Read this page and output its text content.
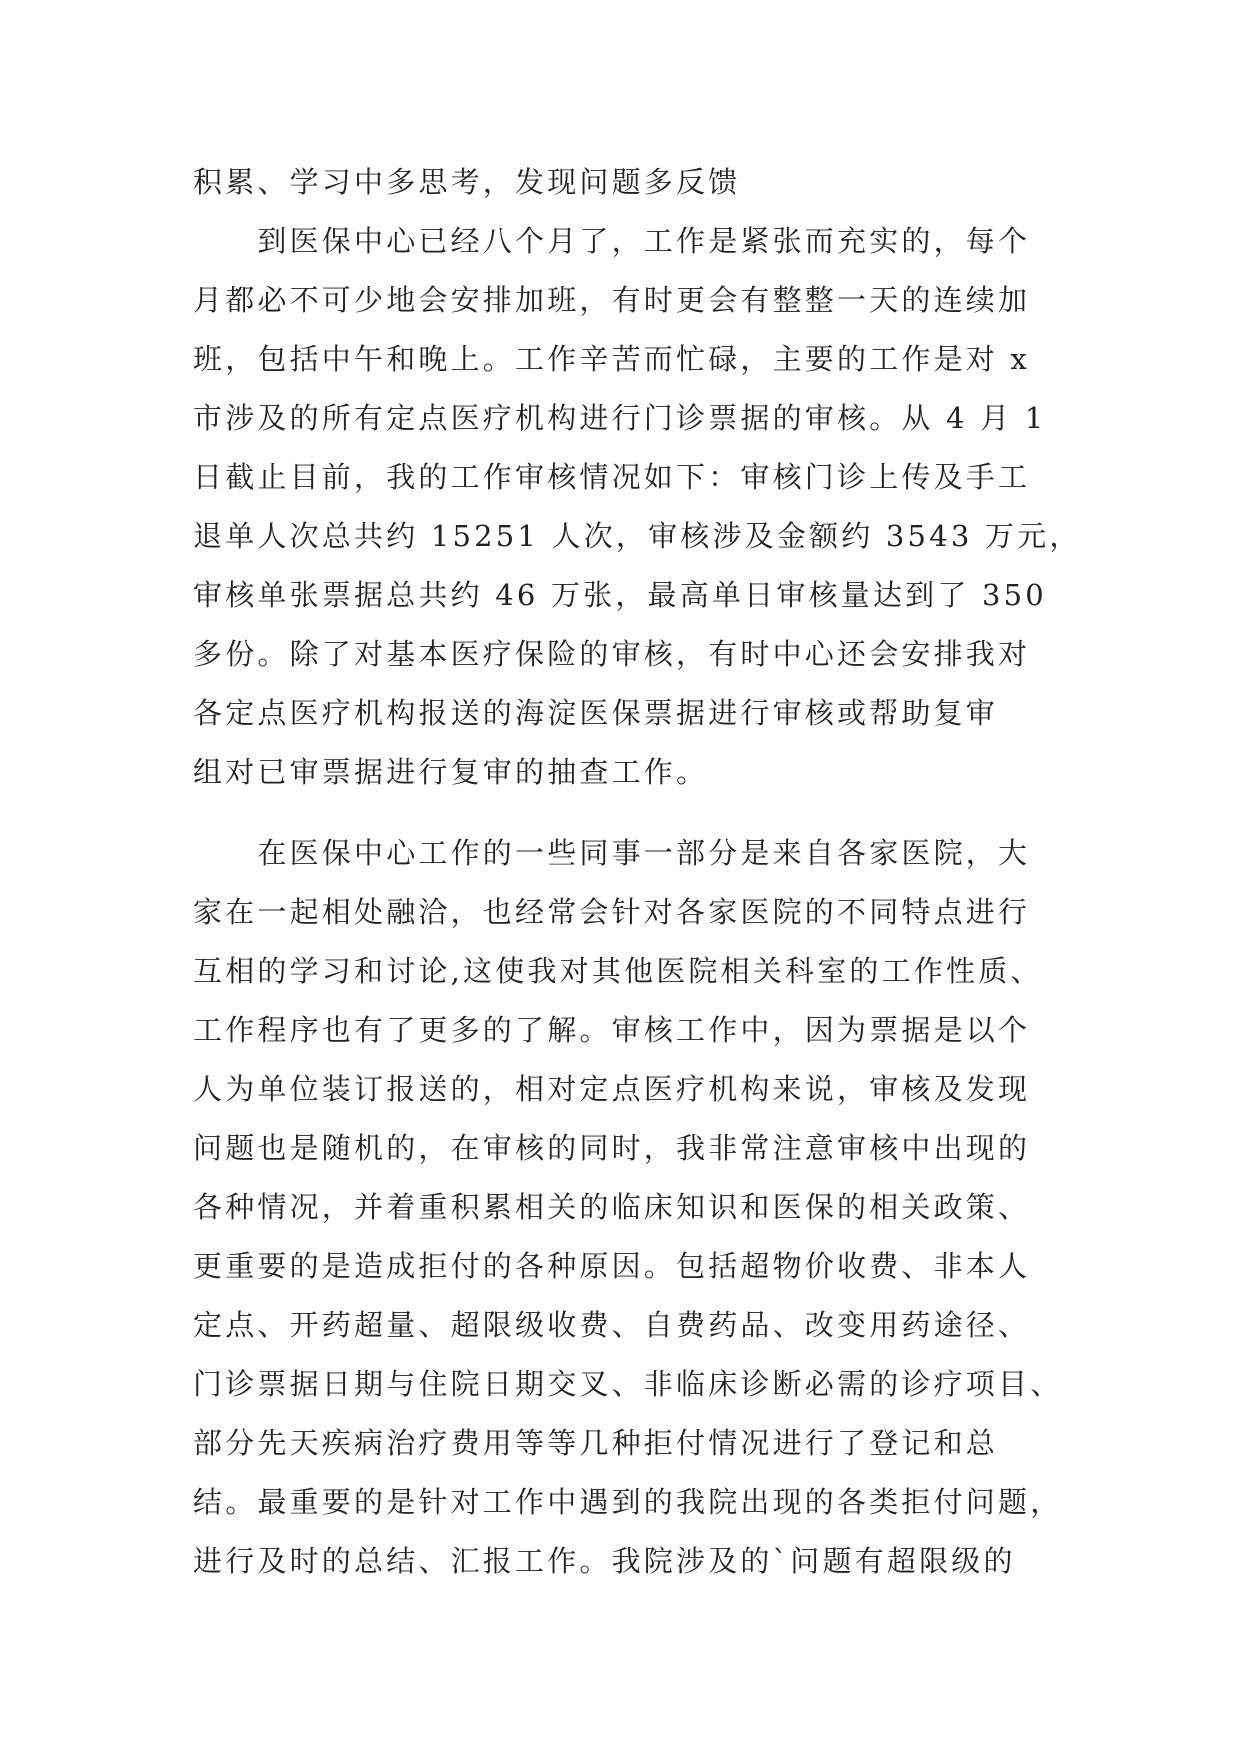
积累、学习中多思考，发现问题多反馈
　　到医保中心已经八个月了，工作是紧张而充实的，每个
月都必不可少地会安排加班，有时更会有整整一天的连续加
班，包括中午和晚上。工作辛苦而忙碌，主要的工作是对 x
市涉及的所有定点医疗机构进行门诊票据的审核。从 4 月 1
日截止目前，我的工作审核情况如下：审核门诊上传及手工
退单人次总共约 15251 人次，审核涉及金额约 3543 万元，
审核单张票据总共约 46 万张，最高单日审核量达到了 350
多份。除了对基本医疗保险的审核，有时中心还会安排我对
各定点医疗机构报送的海淀医保票据进行审核或帮助复审
组对已审票据进行复审的抽查工作。
　　在医保中心工作的一些同事一部分是来自各家医院，大
家在一起相处融洽，也经常会针对各家医院的不同特点进行
互相的学习和讨论,这使我对其他医院相关科室的工作性质、
工作程序也有了更多的了解。审核工作中，因为票据是以个
人为单位装订报送的，相对定点医疗机构来说，审核及发现
问题也是随机的，在审核的同时，我非常注意审核中出现的
各种情况，并着重积累相关的临床知识和医保的相关政策、
更重要的是造成拒付的各种原因。包括超物价收费、非本人
定点、开药超量、超限级收费、自费药品、改变用药途径、
门诊票据日期与住院日期交叉、非临床诊断必需的诊疗项目、
部分先天疾病治疗费用等等几种拒付情况进行了登记和总
结。最重要的是针对工作中遇到的我院出现的各类拒付问题，
进行及时的总结、汇报工作。我院涉及的`问题有超限级的
